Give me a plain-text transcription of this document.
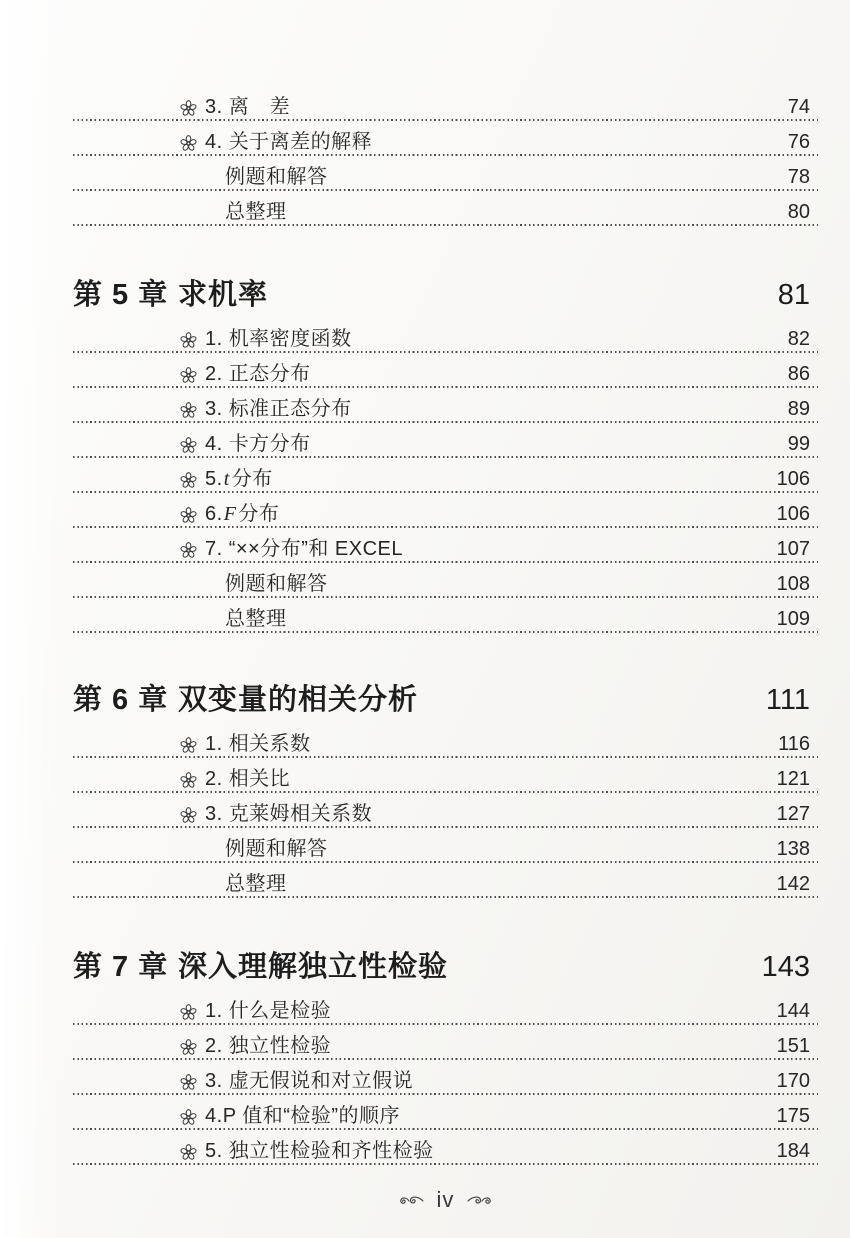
3. 离　差	74
4. 关于离差的解释	76
例题和解答	78
总整理	80
第 5 章 求机率	81
1. 机率密度函数	82
2. 正态分布	86
3. 标准正态分布	89
4. 卡方分布	99
5. t 分布	106
6. F 分布	106
7. “××分布”和 EXCEL	107
例题和解答	108
总整理	109
第 6 章 双变量的相关分析	111
1. 相关系数	116
2. 相关比	121
3. 克莱姆相关系数	127
例题和解答	138
总整理	142
第 7 章 深入理解独立性检验	143
1. 什么是检验	144
2. 独立性检验	151
3. 虚无假说和对立假说	170
4. P 值和“检验”的顺序	175
5. 独立性检验和齐性检验	184
iv
